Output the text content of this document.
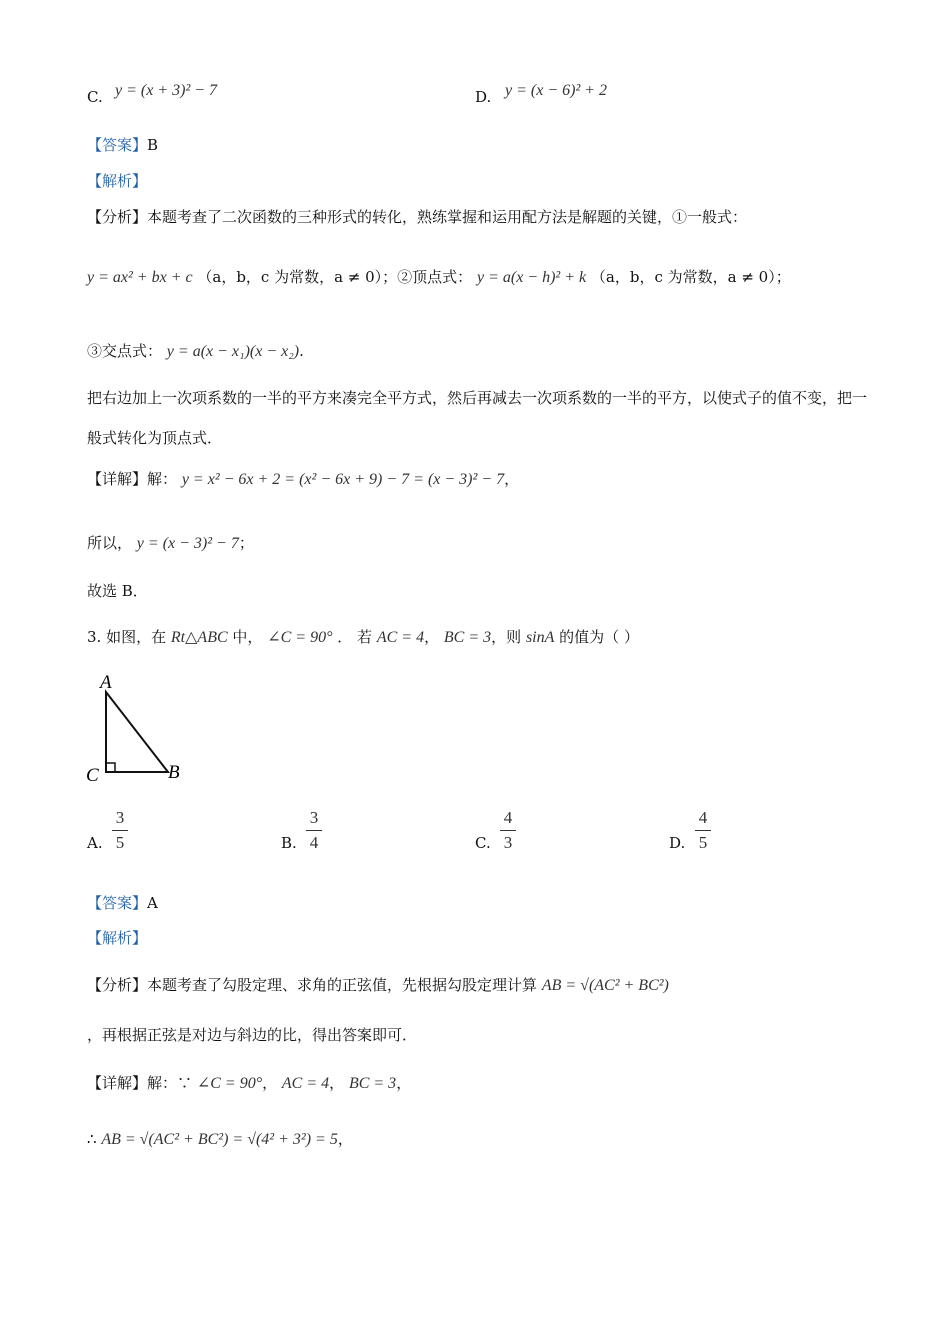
C. y = (x + 3)² − 7	D. y = (x − 6)² + 2
【答案】B
【解析】
【分析】本题考查了二次函数的三种形式的转化，熟练掌握和运用配方法是解题的关键，①一般式：
y = ax² + bx + c （a，b，c 为常数，a ≠ 0）；②顶点式： y = a(x − h)² + k （a，b，c 为常数，a ≠ 0）；
③交点式： y = a(x − x₁)(x − x₂).
把右边加上一次项系数的一半的平方来凑完全平方式，然后再减去一次项系数的一半的平方，以使式子的值不变，把一般式转化为顶点式．
【详解】解： y = x² − 6x + 2 = (x² − 6x + 9) − 7 = (x − 3)² − 7，
所以， y = (x − 3)² − 7；
故选 B．
3. 如图，在 Rt△ABC 中， ∠C = 90° ． 若 AC = 4， BC = 3，则 sinA 的值为（ ）
A
C	B
A.
3
5	B.
3
4	C.
4
3	D.
4
5
【答案】A
【解析】
【分析】本题考查了勾股定理、求角的正弦值，先根据勾股定理计算 AB = √(AC² + BC²)
，再根据正弦是对边与斜边的比，得出答案即可．
【详解】解：∵ ∠C = 90°， AC = 4， BC = 3，
∴ AB = √(AC² + BC²) = √(4² + 3²) = 5，
